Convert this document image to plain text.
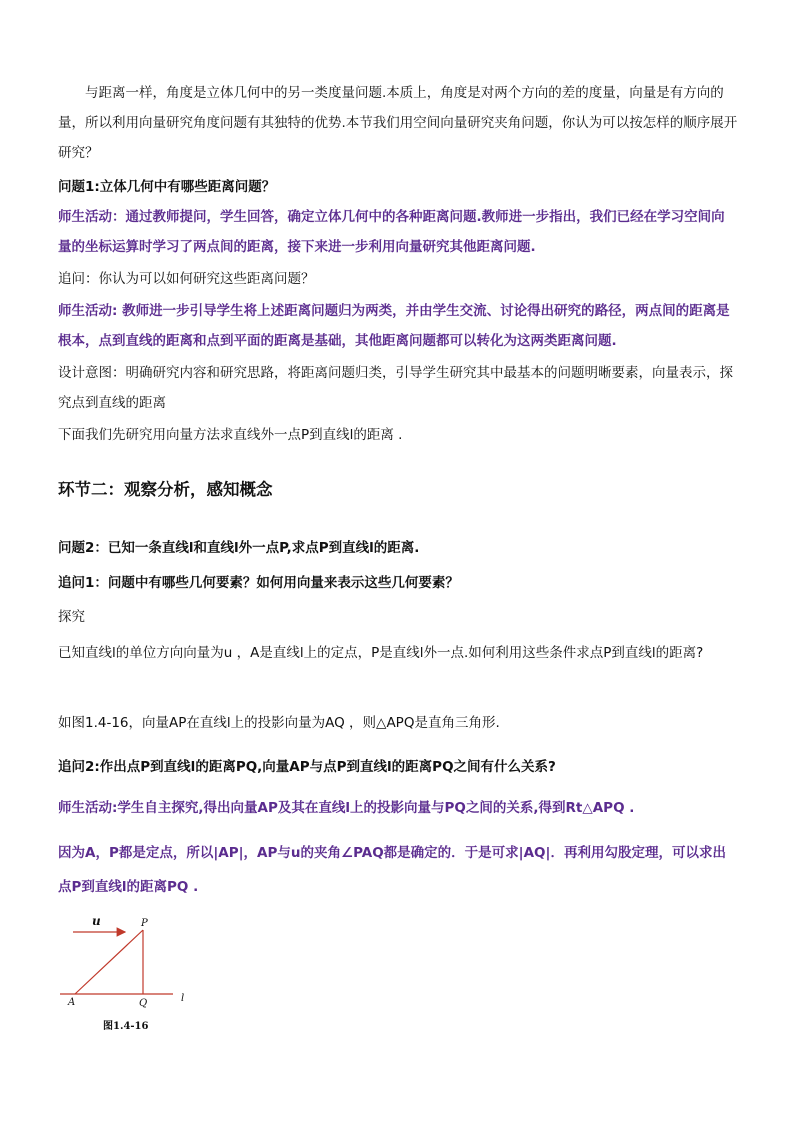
与距离一样，角度是立体几何中的另一类度量问题.本质上，角度是对两个方向的差的度量，向量是有方向的量，所以利用向量研究角度问题有其独特的优势.本节我们用空间向量研究夹角问题，你认为可以按怎样的顺序展开研究？

问题1:立体几何中有哪些距离问题？

师生活动：通过教师提问，学生回答，确定立体几何中的各种距离问题.教师进一步指出，我们已经在学习空间向量的坐标运算时学习了两点间的距离，接下来进一步利用向量研究其他距离问题.

追问：你认为可以如何研究这些距离问题？

师生活动: 教师进一步引导学生将上述距离问题归为两类，并由学生交流、讨论得出研究的路径，两点间的距离是根本，点到直线的距离和点到平面的距离是基础，其他距离问题都可以转化为这两类距离问题.

设计意图：明确研究内容和研究思路，将距离问题归类，引导学生研究其中最基本的问题明晰要素，向量表示，探究点到直线的距离

下面我们先研究用向量方法求直线外一点P到直线l的距离 .

环节二：观察分析，感知概念

问题2：已知一条直线l和直线l外一点P,求点P到直线l的距离.

追问1：问题中有哪些几何要素？如何用向量来表示这些几何要素？

探究

已知直线l的单位方向向量为u ，A是直线l上的定点，P是直线l外一点.如何利用这些条件求点P到直线l的距离?

如图1.4-16，向量AP在直线l上的投影向量为AQ ，则△APQ是直角三角形.

追问2:作出点P到直线l的距离PQ,向量AP与点P到直线l的距离PQ之间有什么关系?

师生活动:学生自主探究,得出向量AP及其在直线l上的投影向量与PQ之间的关系,得到Rt△APQ .

因为A，P都是定点，所以|AP|，AP与u的夹角∠PAQ都是确定的．于是可求|AQ|．再利用勾股定理，可以求出点P到直线l的距离PQ .

u	P
A	Q	l
图1.4-16
